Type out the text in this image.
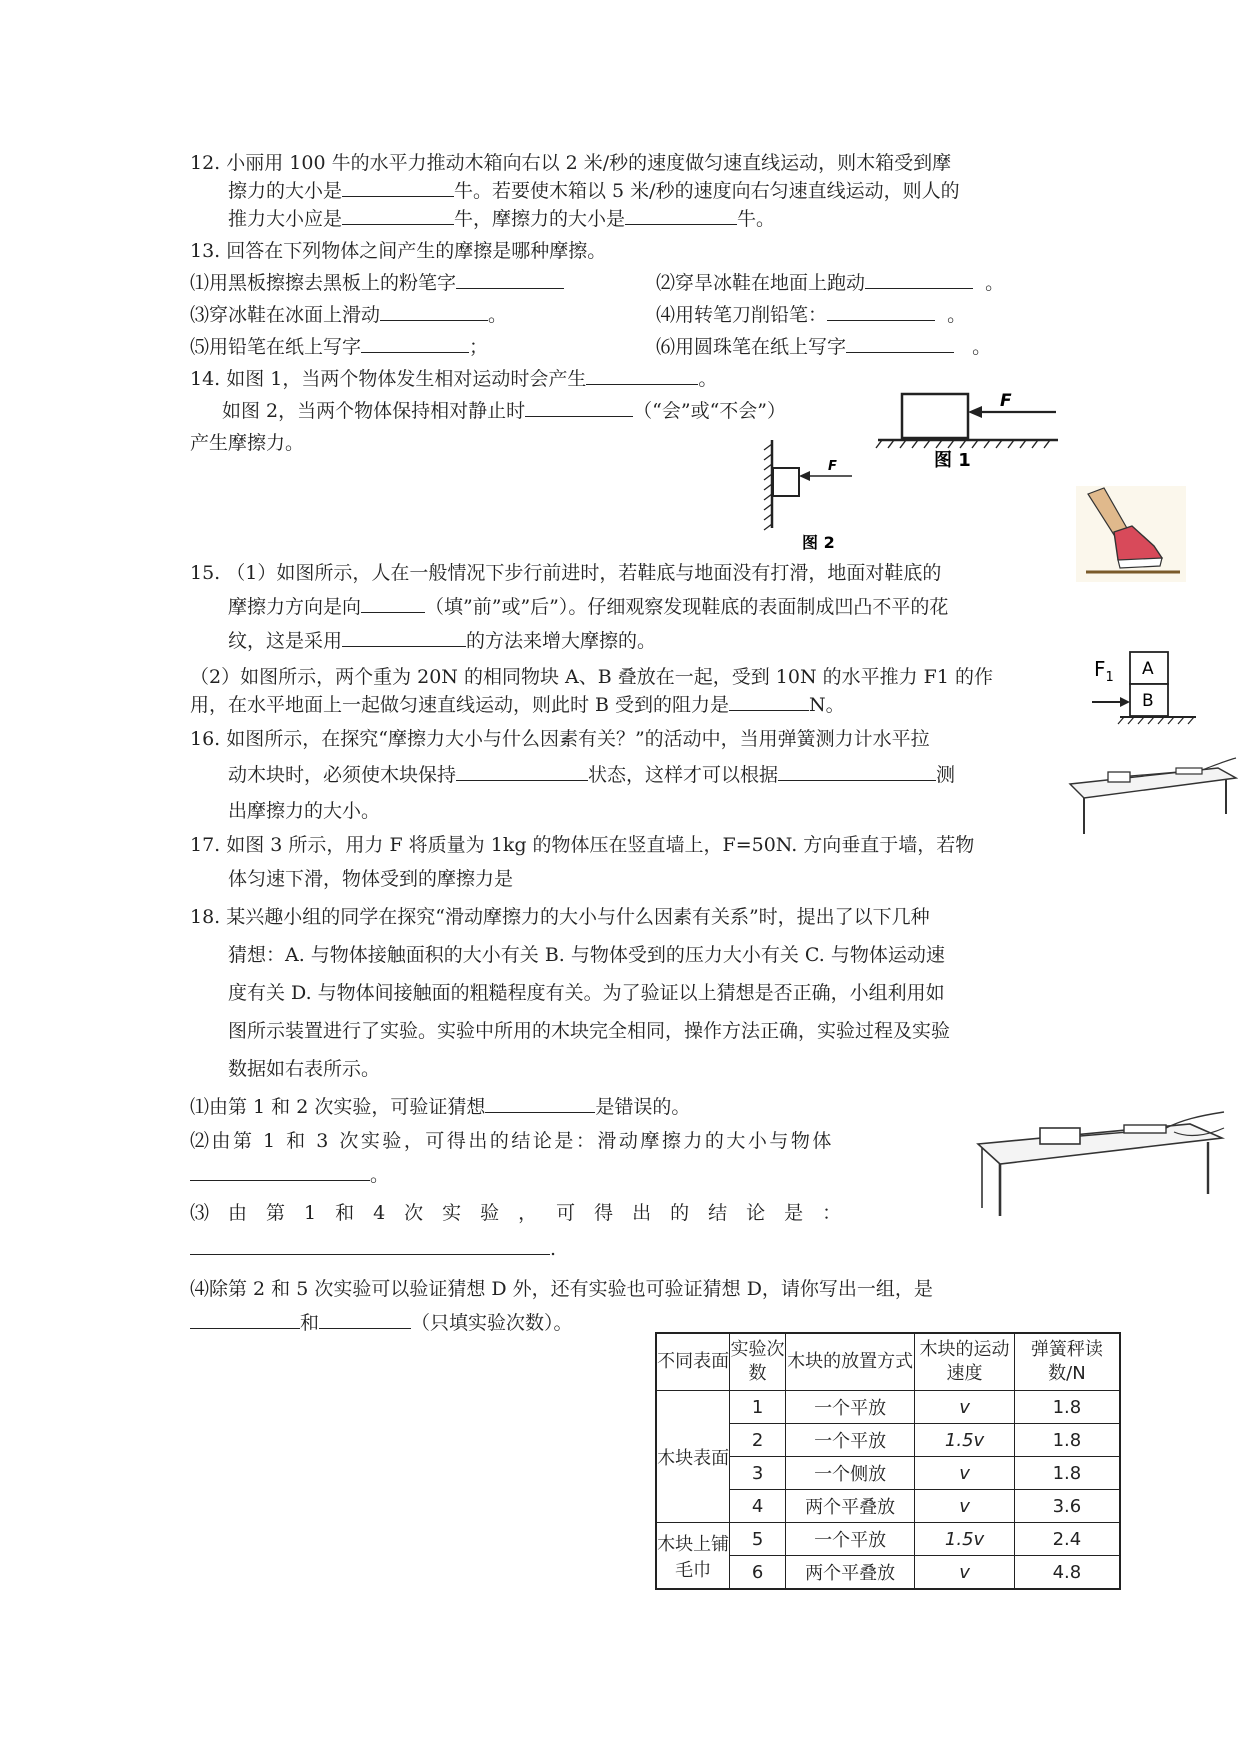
12. 小丽用 100 牛的水平力推动木箱向右以 2 米/秒的速度做匀速直线运动，则木箱受到摩
擦力的大小是	牛。若要使木箱以 5 米/秒的速度向右匀速直线运动，则人的
推力大小应是	牛，摩擦力的大小是	牛。
13. 回答在下列物体之间产生的摩擦是哪种摩擦。
⑴用黑板擦擦去黑板上的粉笔字	⑵穿旱冰鞋在地面上跑动	。
⑶穿冰鞋在冰面上滑动	。	⑷用转笔刀削铅笔：	。
⑸用铅笔在纸上写字	；	⑹用圆珠笔在纸上写字	。
14. 如图 1，当两个物体发生相对运动时会产生	。
如图 2，当两个物体保持相对静止时	（“会”或“不会”）
产生摩擦力。
F
图 1
F
图 2
15. （1）如图所示，人在一般情况下步行前进时，若鞋底与地面没有打滑，地面对鞋底的
摩擦力方向是向	（填”前”或”后”）。仔细观察发现鞋底的表面制成凹凸不平的花
纹，这是采用	的方法来增大摩擦的。
（2）如图所示，两个重为 20N 的相同物块 A、B 叠放在一起，受到 10N 的水平推力 F1 的作
用，在水平地面上一起做匀速直线运动，则此时 B 受到的阻力是	N。
A
B
$F_1$
16. 如图所示，在探究“摩擦力大小与什么因素有关？”的活动中，当用弹簧测力计水平拉
动木块时，必须使木块保持	状态，这样才可以根据	测
出摩擦力的大小。
17. 如图 3 所示，用力 F 将质量为 1kg 的物体压在竖直墙上，F=50N. 方向垂直于墙，若物
体匀速下滑，物体受到的摩擦力是
18. 某兴趣小组的同学在探究“滑动摩擦力的大小与什么因素有关系”时，提出了以下几种
猜想：A. 与物体接触面积的大小有关 B. 与物体受到的压力大小有关 C. 与物体运动速
度有关 D. 与物体间接触面的粗糙程度有关。为了验证以上猜想是否正确，小组利用如
图所示装置进行了实验。实验中所用的木块完全相同，操作方法正确，实验过程及实验
数据如右表所示。
⑴由第 1 和 2 次实验，可验证猜想	是错误的。
⑵由第 1 和 3 次实验，可得出的结论是：滑动摩擦力的大小与物体
。
⑶由第1和4次实验，可得出的结论是：
.
⑷除第 2 和 5 次实验可以验证猜想 D 外，还有实验也可验证猜想 D，请你写出一组，是
和	（只填实验次数）。
不同表面	实验次数	木块的放置方式	木块的运动速度	弹簧秤读数/N
木块表面	1	一个平放	v	1.8
	2	一个平放	1.5v	1.8
	3	一个侧放	v	1.8
	4	两个平叠放	v	3.6
木块上铺毛巾	5	一个平放	1.5v	2.4
	6	两个平叠放	v	4.8
